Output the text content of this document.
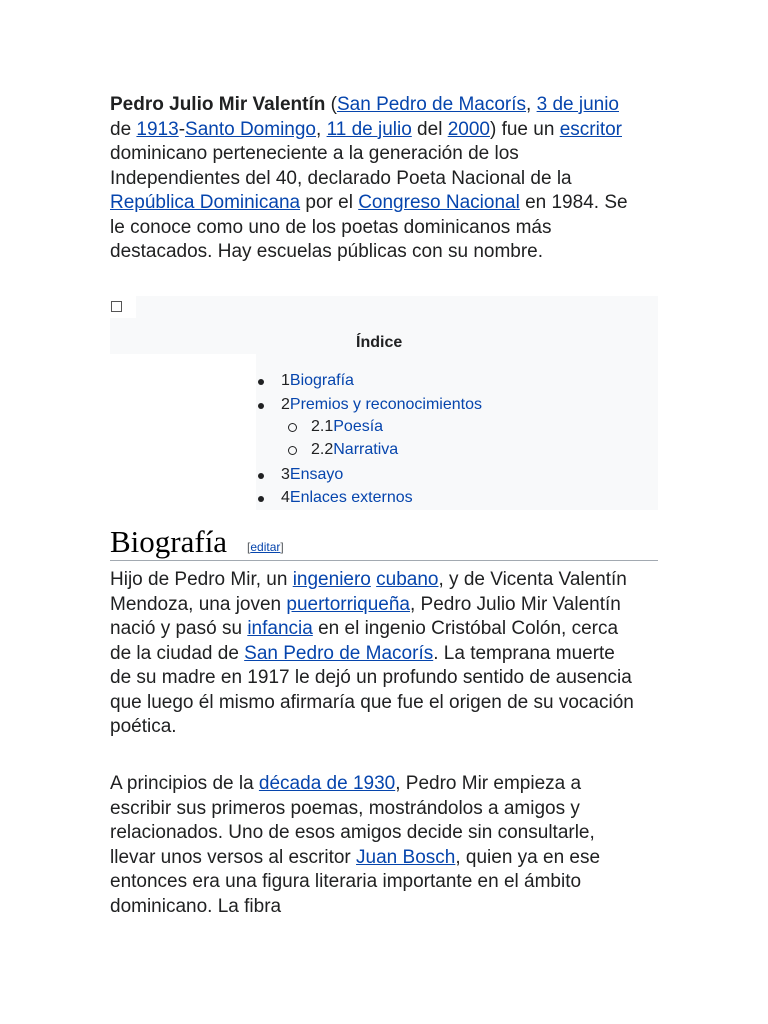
Pedro Julio Mir Valentín (San Pedro de Macorís, 3 de junio de 1913-Santo Domingo, 11 de julio del 2000) fue un escritor dominicano perteneciente a la generación de los Independientes del 40, declarado Poeta Nacional de la República Dominicana por el Congreso Nacional en 1984. Se le conoce como uno de los poetas dominicanos más destacados. Hay escuelas públicas con su nombre.

Índice
1Biografía
2Premios y reconocimientos
2.1Poesía
2.2Narrativa
3Ensayo
4Enlaces externos
Biografía [editar]

Hijo de Pedro Mir, un ingeniero cubano, y de Vicenta Valentín Mendoza, una joven puertorriqueña, Pedro Julio Mir Valentín nació y pasó su infancia en el ingenio Cristóbal Colón, cerca de la ciudad de San Pedro de Macorís. La temprana muerte de su madre en 1917 le dejó un profundo sentido de ausencia que luego él mismo afirmaría que fue el origen de su vocación poética.

A principios de la década de 1930, Pedro Mir empieza a escribir sus primeros poemas, mostrándolos a amigos y relacionados. Uno de esos amigos decide sin consultarle, llevar unos versos al escritor Juan Bosch, quien ya en ese entonces era una figura literaria importante en el ámbito dominicano. La fibra
